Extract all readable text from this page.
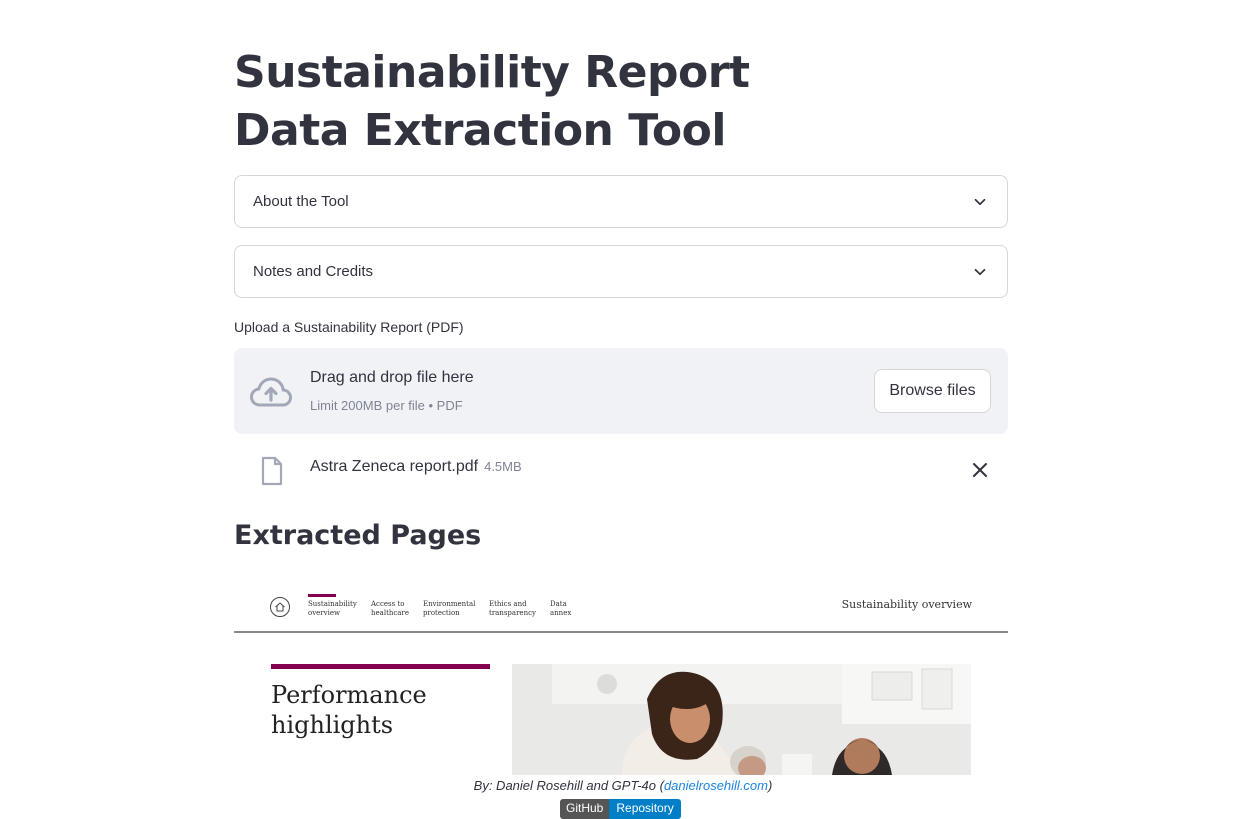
Sustainability Report Data Extraction Tool
About the Tool
Notes and Credits
Upload a Sustainability Report (PDF)
Drag and drop file here
Limit 200MB per file • PDF
Browse files
Astra Zeneca report.pdf 4.5MB
Extracted Pages
Sustainability
overview
Access to
healthcare
Environmental
protection
Ethics and
transparency
Data
annex
Sustainability overview
Performance
highlights
By: Daniel Rosehill and GPT-4o (danielrosehill.com)
GitHub	Repository
